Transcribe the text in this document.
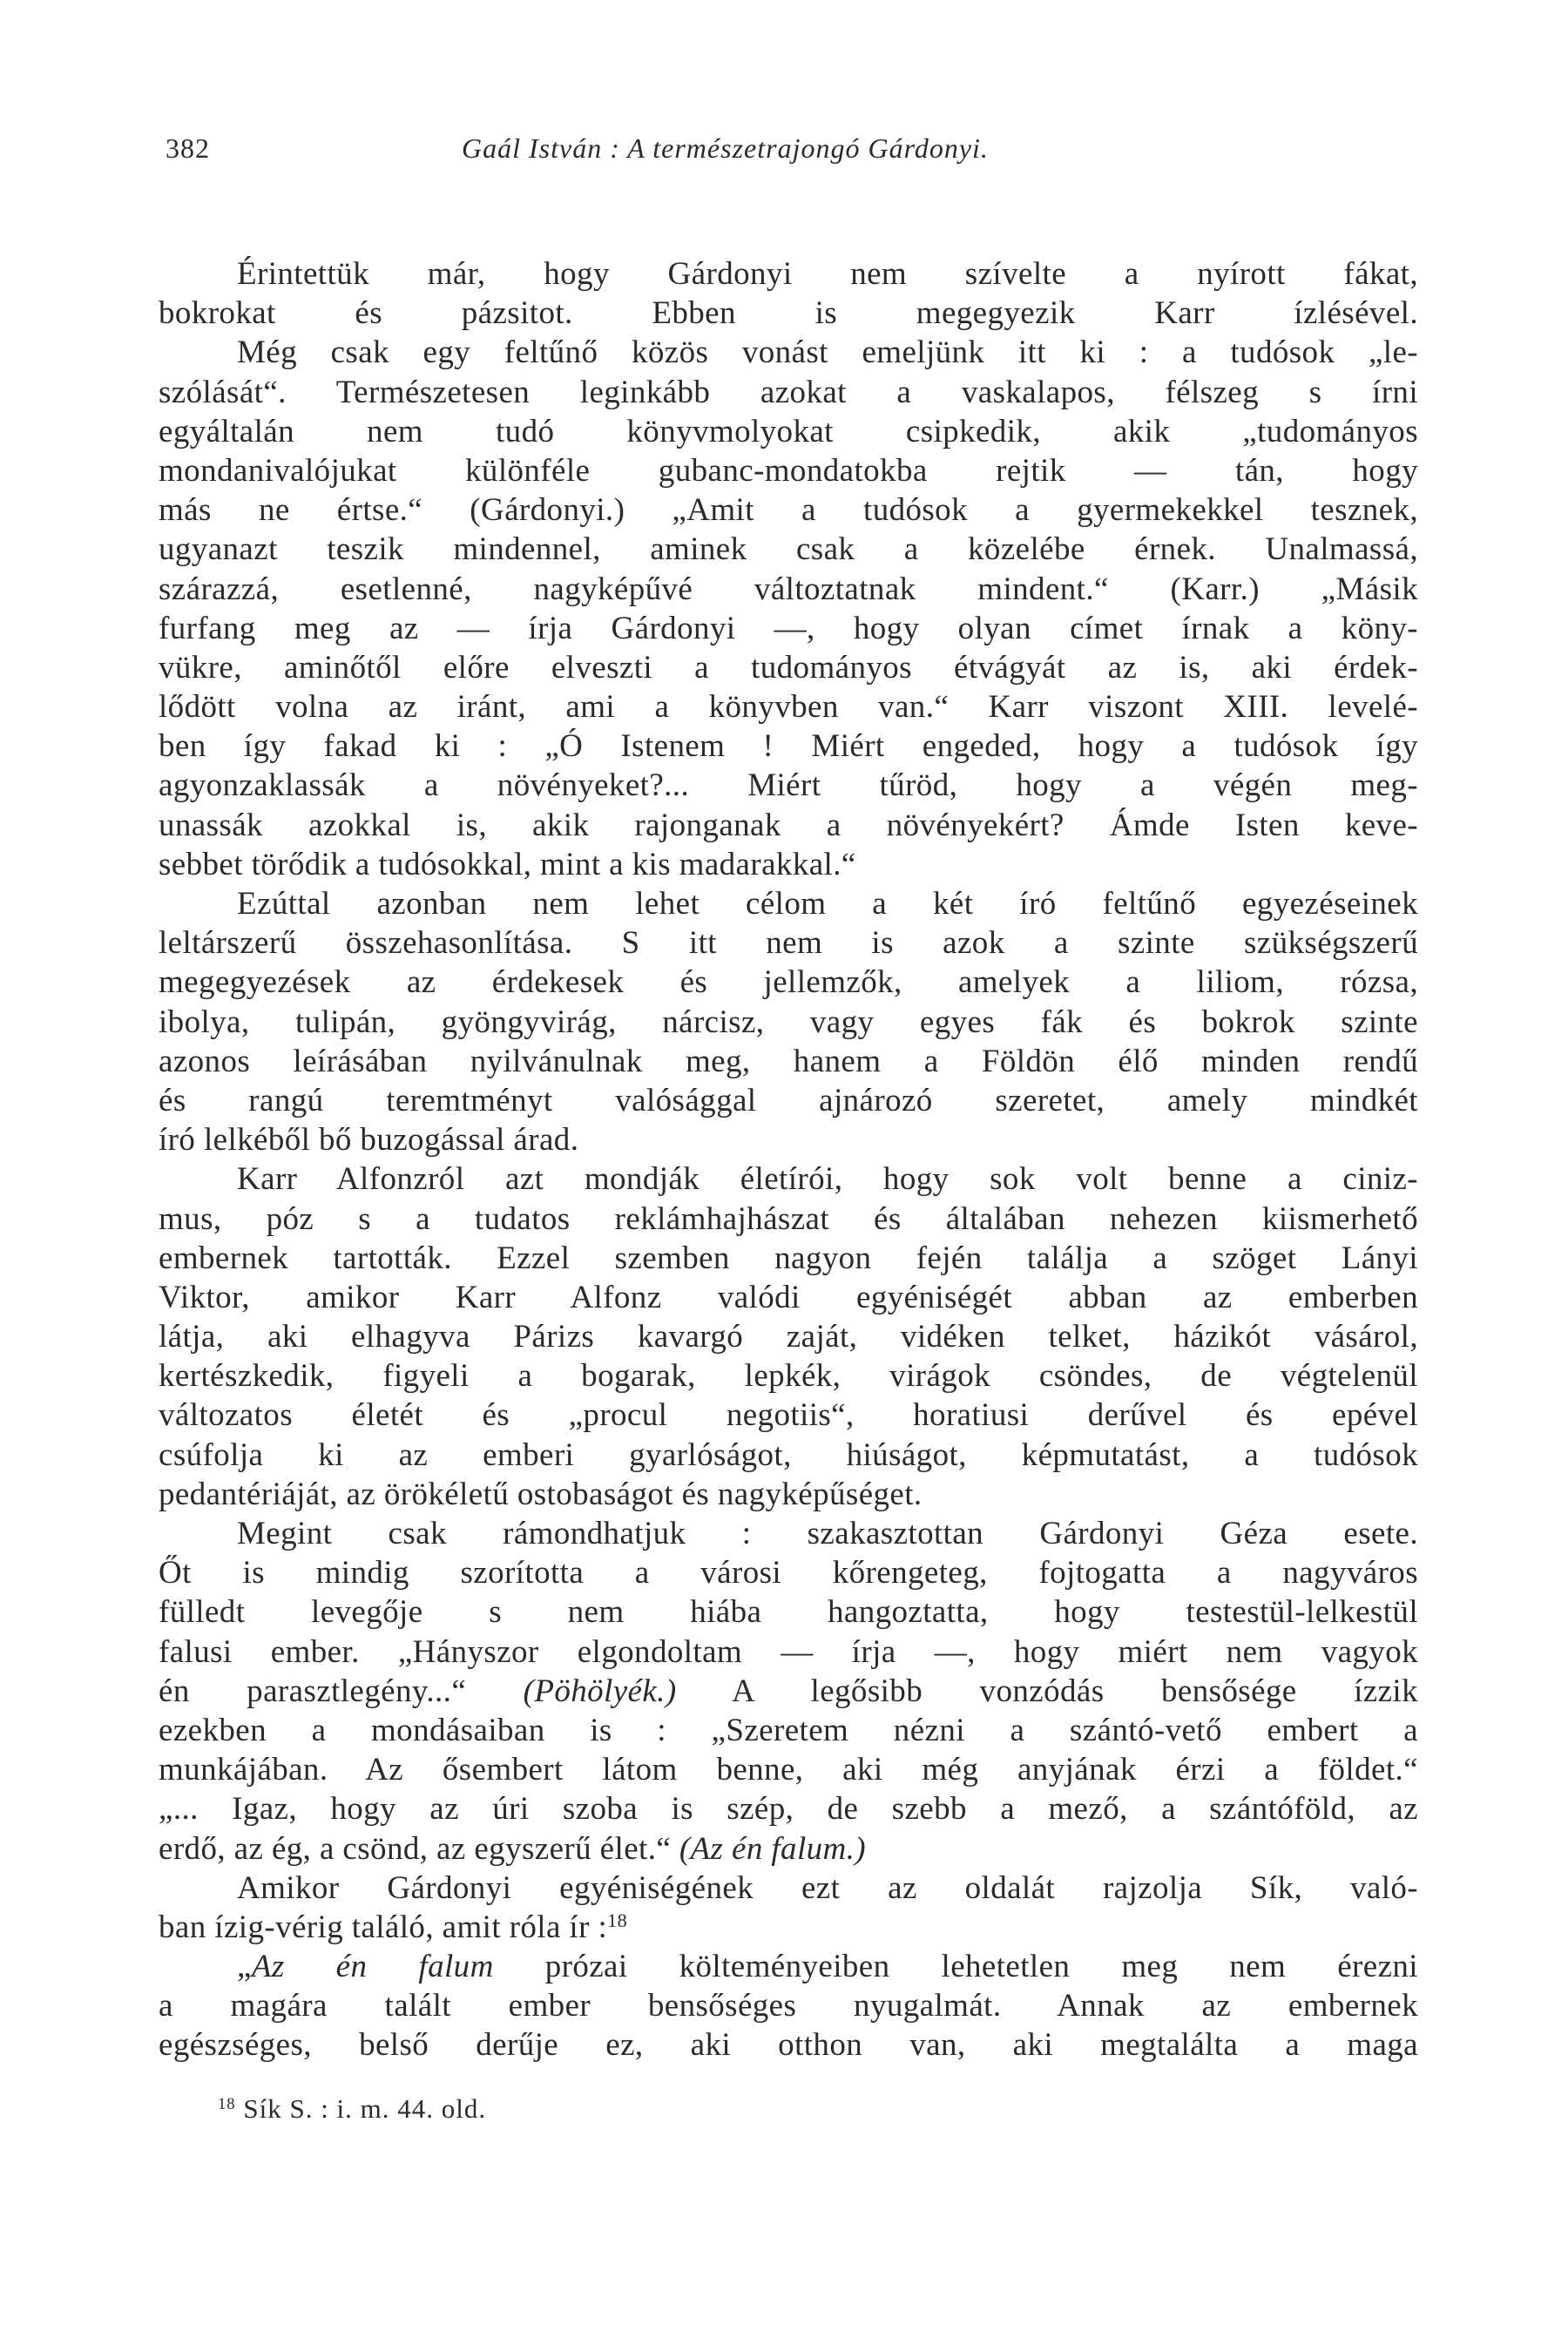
382	Gaál István : A természetrajongó Gárdonyi.
Érintettük már, hogy Gárdonyi nem szívelte a nyírott fákat,
bokrokat és pázsitot. Ebben is megegyezik Karr ízlésével.
Még csak egy feltűnő közös vonást emeljünk itt ki : a tudósok „le-
szólását“. Természetesen leginkább azokat a vaskalapos, félszeg s írni
egyáltalán nem tudó könyvmolyokat csipkedik, akik „tudományos
mondanivalójukat különféle gubanc-mondatokba rejtik — tán, hogy
más ne értse.“ (Gárdonyi.) „Amit a tudósok a gyermekekkel tesznek,
ugyanazt teszik mindennel, aminek csak a közelébe érnek. Unalmassá,
szárazzá, esetlenné, nagyképűvé változtatnak mindent.“ (Karr.) „Másik
furfang meg az — írja Gárdonyi —, hogy olyan címet írnak a köny-
vükre, aminőtől előre elveszti a tudományos étvágyát az is, aki érdek-
lődött volna az iránt, ami a könyvben van.“ Karr viszont XIII. levelé-
ben így fakad ki : „Ó Istenem ! Miért engeded, hogy a tudósok így
agyonzaklassák a növényeket?... Miért tűröd, hogy a végén meg-
unassák azokkal is, akik rajonganak a növényekért? Ámde Isten keve-
sebbet törődik a tudósokkal, mint a kis madarakkal.“
Ezúttal azonban nem lehet célom a két író feltűnő egyezéseinek
leltárszerű összehasonlítása. S itt nem is azok a szinte szükségszerű
megegyezések az érdekesek és jellemzők, amelyek a liliom, rózsa,
ibolya, tulipán, gyöngyvirág, nárcisz, vagy egyes fák és bokrok szinte
azonos leírásában nyilvánulnak meg, hanem a Földön élő minden rendű
és rangú teremtményt valósággal ajnározó szeretet, amely mindkét
író lelkéből bő buzogással árad.
Karr Alfonzról azt mondják életírói, hogy sok volt benne a ciniz-
mus, póz s a tudatos reklámhajhászat és általában nehezen kiismerhető
embernek tartották. Ezzel szemben nagyon fején találja a szöget Lányi
Viktor, amikor Karr Alfonz valódi egyéniségét abban az emberben
látja, aki elhagyva Párizs kavargó zaját, vidéken telket, házikót vásárol,
kertészkedik, figyeli a bogarak, lepkék, virágok csöndes, de végtelenül
változatos életét és „procul negotiis“, horatiusi derűvel és epével
csúfolja ki az emberi gyarlóságot, hiúságot, képmutatást, a tudósok
pedantériáját, az örökéletű ostobaságot és nagyképűséget.
Megint csak rámondhatjuk : szakasztottan Gárdonyi Géza esete.
Őt is mindig szorította a városi kőrengeteg, fojtogatta a nagyváros
fülledt levegője s nem hiába hangoztatta, hogy testestül-lelkestül
falusi ember. „Hányszor elgondoltam — írja —, hogy miért nem vagyok
én parasztlegény...“ (Pöhölyék.) A legősibb vonzódás bensősége ízzik
ezekben a mondásaiban is : „Szeretem nézni a szántó-vető embert a
munkájában. Az ősembert látom benne, aki még anyjának érzi a földet.“
„... Igaz, hogy az úri szoba is szép, de szebb a mező, a szántóföld, az
erdő, az ég, a csönd, az egyszerű élet.“ (Az én falum.)
Amikor Gárdonyi egyéniségének ezt az oldalát rajzolja Sík, való-
ban ízig-vérig találó, amit róla ír :$^{18}$
„Az én falum prózai költeményeiben lehetetlen meg nem érezni
a magára talált ember bensőséges nyugalmát. Annak az embernek
egészséges, belső derűje ez, aki otthon van, aki megtalálta a maga
$^{18}$ Sík S. : i. m. 44. old.
